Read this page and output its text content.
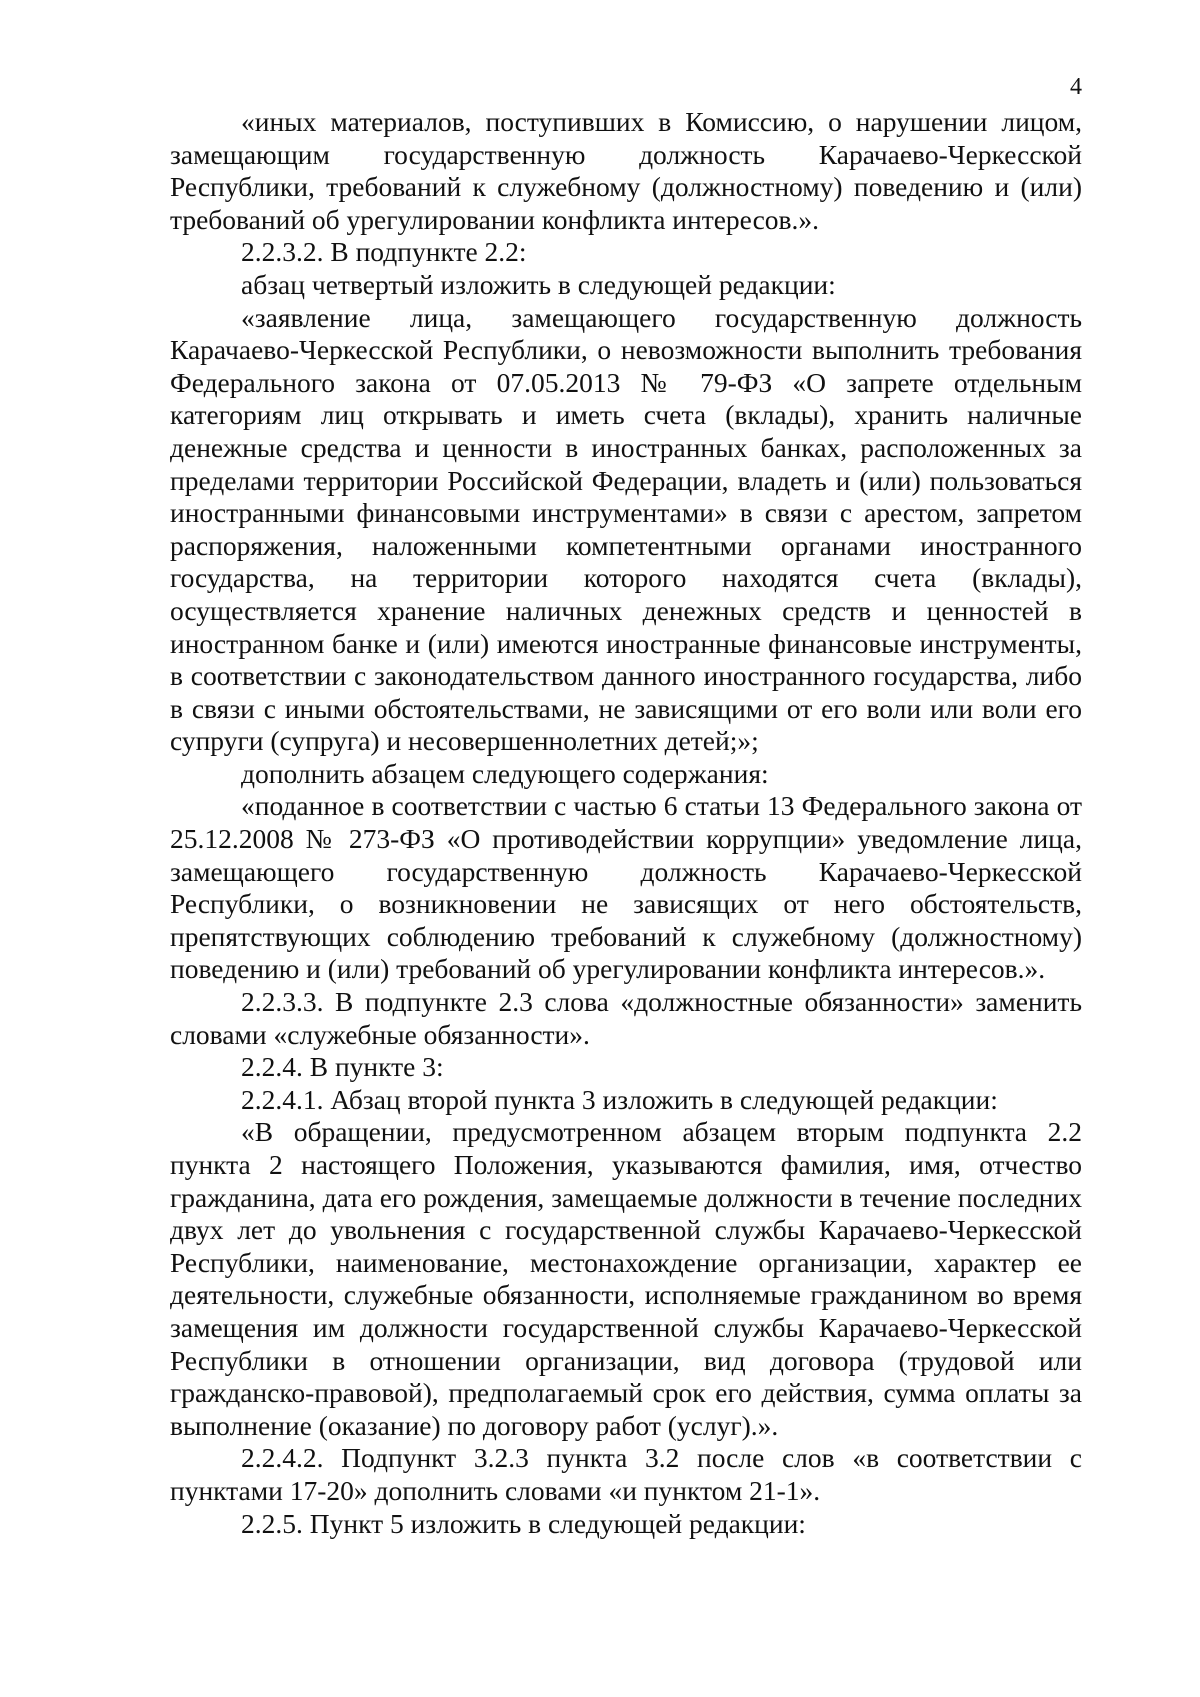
4

«иных материалов, поступивших в Комиссию, о нарушении лицом, замещающим государственную должность Карачаево-Черкесской Республики, требований к служебному (должностному) поведению и (или) требований об урегулировании конфликта интересов.».

2.2.3.2. В подпункте 2.2:

абзац четвертый изложить в следующей редакции:

«заявление лица, замещающего государственную должность Карачаево-Черкесской Республики, о невозможности выполнить требования Федерального закона от 07.05.2013 № 79-ФЗ «О запрете отдельным категориям лиц открывать и иметь счета (вклады), хранить наличные денежные средства и ценности в иностранных банках, расположенных за пределами территории Российской Федерации, владеть и (или) пользоваться иностранными финансовыми инструментами» в связи с арестом, запретом распоряжения, наложенными компетентными органами иностранного государства, на территории которого находятся счета (вклады), осуществляется хранение наличных денежных средств и ценностей в иностранном банке и (или) имеются иностранные финансовые инструменты, в соответствии с законодательством данного иностранного государства, либо в связи с иными обстоятельствами, не зависящими от его воли или воли его супруги (супруга) и несовершеннолетних детей;»;

дополнить абзацем следующего содержания:

«поданное в соответствии с частью 6 статьи 13 Федерального закона от 25.12.2008 № 273-ФЗ «О противодействии коррупции» уведомление лица, замещающего государственную должность Карачаево-Черкесской Республики, о возникновении не зависящих от него обстоятельств, препятствующих соблюдению требований к служебному (должностному) поведению и (или) требований об урегулировании конфликта интересов.».

2.2.3.3. В подпункте 2.3 слова «должностные обязанности» заменить словами «служебные обязанности».

2.2.4. В пункте 3:

2.2.4.1. Абзац второй пункта 3 изложить в следующей редакции:

«В обращении, предусмотренном абзацем вторым подпункта 2.2 пункта 2 настоящего Положения, указываются фамилия, имя, отчество гражданина, дата его рождения, замещаемые должности в течение последних двух лет до увольнения с государственной службы Карачаево-Черкесской Республики, наименование, местонахождение организации, характер ее деятельности, служебные обязанности, исполняемые гражданином во время замещения им должности государственной службы Карачаево-Черкесской Республики в отношении организации, вид договора (трудовой или гражданско-правовой), предполагаемый срок его действия, сумма оплаты за выполнение (оказание) по договору работ (услуг).».

2.2.4.2. Подпункт 3.2.3 пункта 3.2 после слов «в соответствии с пунктами 17-20» дополнить словами «и пунктом 21-1».

2.2.5. Пункт 5 изложить в следующей редакции:
